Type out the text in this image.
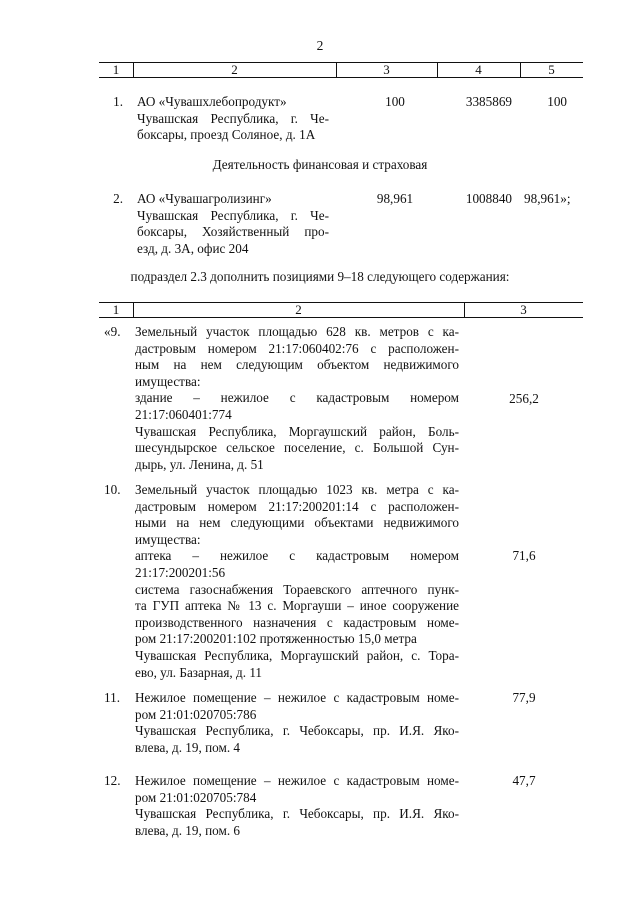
2
1	2	3	4	5
1. АО «Чувашхлебопродукт»
Чувашская Республика, г. Че-
боксары, проезд Соляное, д. 1А
100	3385869	100
Деятельность финансовая и страховая
2. АО «Чувашагролизинг»
Чувашская Республика, г. Че-
боксары, Хозяйственный про-
езд, д. 3А, офис 204
98,961	1008840 98,961»;
подраздел 2.3 дополнить позициями 9–18 следующего содержания:
1	2	3
«9.	Земельный участок площадью 628 кв. метров с ка-
дастровым номером 21:17:060402:76 с расположен-
ным на нем следующим объектом недвижимого
имущества:
здание – нежилое с кадастровым номером
21:17:060401:774
Чувашская Республика, Моргаушский район, Боль-
шесундырское сельское поселение, с. Большой Сун-
дырь, ул. Ленина, д. 51
256,2
10.	Земельный участок площадью 1023 кв. метра с ка-
дастровым номером 21:17:200201:14 с расположен-
ными на нем следующими объектами недвижимого
имущества:
аптека – нежилое с кадастровым номером
21:17:200201:56
система газоснабжения Тораевского аптечного пунк-
та ГУП аптека № 13 с. Моргауши – иное сооружение
производственного назначения с кадастровым номе-
ром 21:17:200201:102 протяженностью 15,0 метра
Чувашская Республика, Моргаушский район, с. Тора-
ево, ул. Базарная, д. 11
71,6
11.	Нежилое помещение – нежилое с кадастровым номе-
ром 21:01:020705:786
Чувашская Республика, г. Чебоксары, пр. И.Я. Яко-
влева, д. 19, пом. 4
77,9
12.	Нежилое помещение – нежилое с кадастровым номе-
ром 21:01:020705:784
Чувашская Республика, г. Чебоксары, пр. И.Я. Яко-
влева, д. 19, пом. 6
47,7
